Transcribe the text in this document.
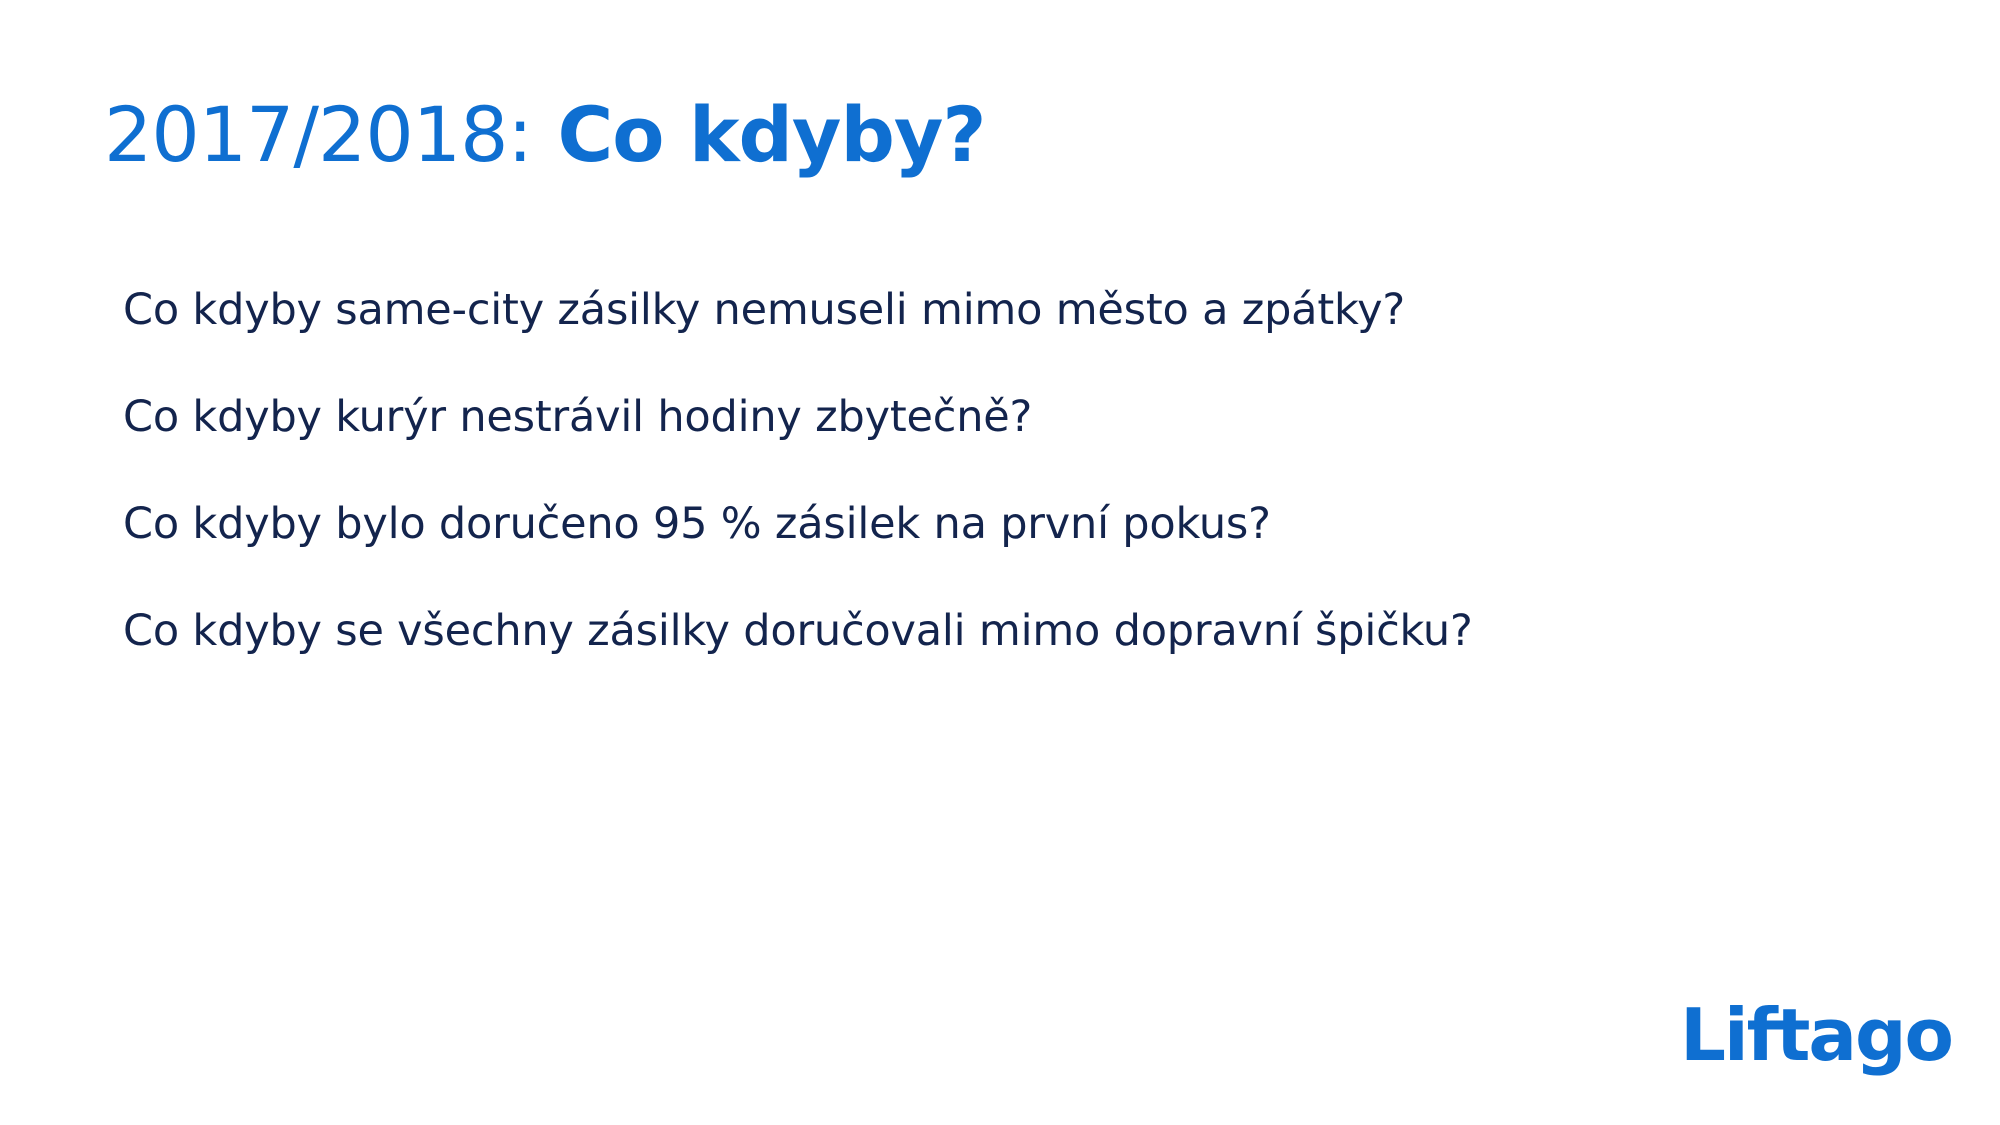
2017/2018: Co kdyby?
Co kdyby same-city zásilky nemuseli mimo město a zpátky?
Co kdyby kurýr nestrávil hodiny zbytečně?
Co kdyby bylo doručeno 95 % zásilek na první pokus?
Co kdyby se všechny zásilky doručovali mimo dopravní špičku?
Liftago
